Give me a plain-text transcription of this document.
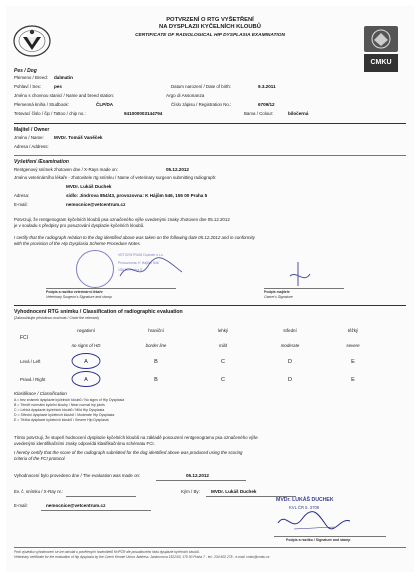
POTVRZENÍ O RTG VYŠETŘENÍ
NA DYSPLAZII KYČELNÍCH KLOUBŮ
CERTIFICATE OF RADIOLOGICAL HIP DYSPLASIA EXAMINATION
CMKU
Pes / Dog
Plemeno / Breed: dalmatin
Pohlaví / Sex:	pes	Datum narození / Date of birth:	9.3.2011
Jméno s chovnou stanicí / Name and breed station:	Argo di Assonanza
Plemenná kniha / Studbook:	ČLP/DA	Číslo zápisu / Registration No.:	6709/12
Tetovací číslo / čip / Tattoo / chip no.:	941000003144794	Barva / Colour:	bíločerná
Majitel / Owner
Jméno / Name: MVDr. Tomáš Vaněček
Adresa / Address:
Vyšetření /Examination
Rentgenový snímek zhotoven dne / X-Rays made on:	05.12.2012
Jméno veterinárního lékaře - zhotovitele rtg snímku / Name of veterinary surgeon submitting radiograph:
MVDr. Lukáš Duchek
Adresa:	sídlo: Jindrova 854/43, provozovna: K Hájům 546, 155 00 Praha 5
E-mail:	nemocnice@vetcentrum.cz
Potvrzuji, že rentgenogram kyčelních kloubů psa označeného výše uvedenými znaky zhotoven dne 05.12.2012
je v souladu s předpisy pro posuzování dysplazie kyčelních kloubů.
I certify that the radiograph relation to the dog identified above was taken on the following date 05.12.2012 and in conformity
with the provision of the Hip Dysplasia Scheme Procedure Notes.
VETCENTRUM Duchek s.r.o.
Provozovna: K Hájům 546
155 00 Praha 5
Podpis a razítko veterinární lékaře
Veterinary Surgeon's Signature and stamp
Podpis majitele
Owner's Signature
Vyhodnocení RTG snímku / Classification of radiographic evaluation
(Zakroužkujte příslušnou možnost / Circle the relevant)
FCI
negativní
no signs of HD
hraniční
border line
lehký
mild
střední
moderate
těžký
severe
Levá / Left	A	B	C	D	E
Pravá / Right	A	B	C	D	E
Klasifikace / Classification
A = bez známek dysplazie kyčelních kloubů / No signs of Hip Dysplasia
B = Téměř normální kyčelní klouby / Near normal hip joints
C = Lehká dysplazie kyčelních kloubů / Mild Hip Dysplasia
D = Střední dysplazie kyčelních kloubů / Moderate Hip Dysplasia
E = Těžká dysplazie kyčelních kloubů / Severe Hip Dysplasia
Tímto potvrzuji, že stupeň hodnocení dysplazie kyčelních kloubů na základě posouzení rentgenogramu psa označeného výše
uvedenými identifikačními znaky odpovídá klasifikačnímu schématu FCI.
I hereby certify that the score of the radiograph submitted for the dog identified above was produced using the scoring
criteria of the FCI protocol.
Vyhodnocení bylo provedeno dne / The evaluation was made on:	05.12.2012
Ev. č. snímku / X-Ray nr.:	Kým / By: MVDr. Lukáš Duchek
E-mail:	nemocnice@vetcentrum.cz
MVDr. LUKÁŠ DUCHEK
KVL ČR 5. 3708
Podpis a razítko / Signature and stamp
Proti výsledku vyhodnocení se lze odvolat u pověřených hodnotitelů KHPČR dle posudkového řádu dysplazie kyčelních kloubů.
Veterinary certificate for the evaluation of hip dysplasia by the Czech Kennel Union. Address: Jankovcova 1522/53, 170 00 Praha 7 - tel.: 234 602 278 - e-mail: cmku@cmku.cz
